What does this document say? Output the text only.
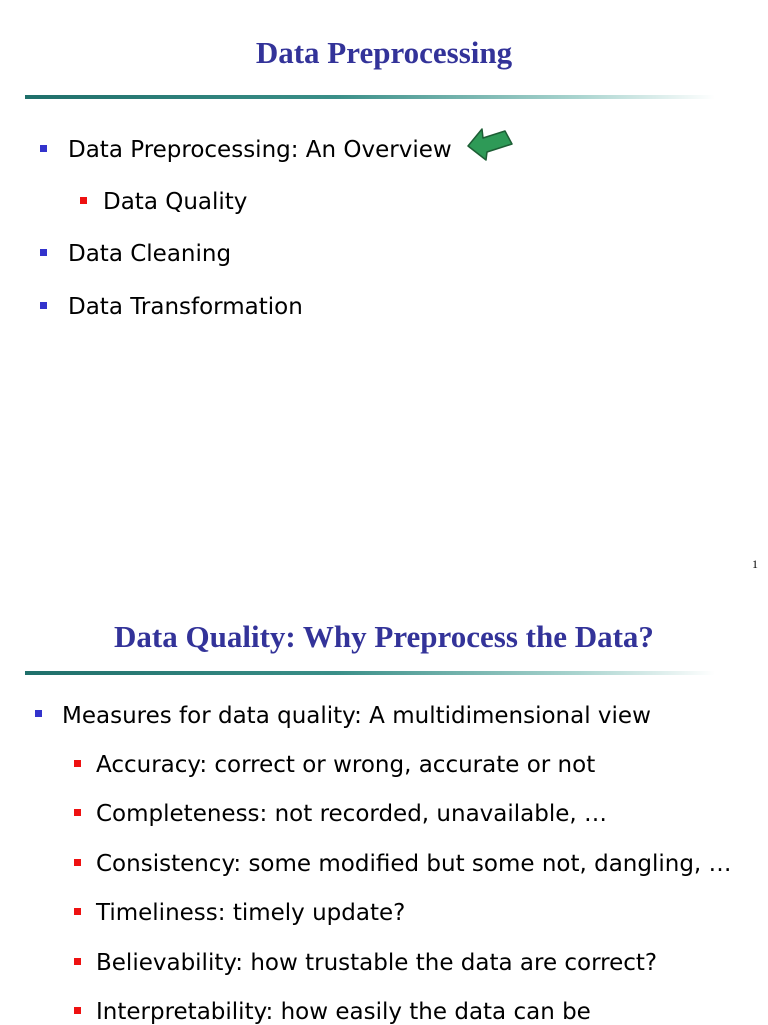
Data Preprocessing
Data Preprocessing: An Overview
Data Quality
Data Cleaning
Data Transformation
1
Data Quality: Why Preprocess the Data?
Measures for data quality: A multidimensional view
Accuracy: correct or wrong, accurate or not
Completeness: not recorded, unavailable, …
Consistency: some modified but some not, dangling, …
Timeliness: timely update?
Believability: how trustable the data are correct?
Interpretability: how easily the data can be
